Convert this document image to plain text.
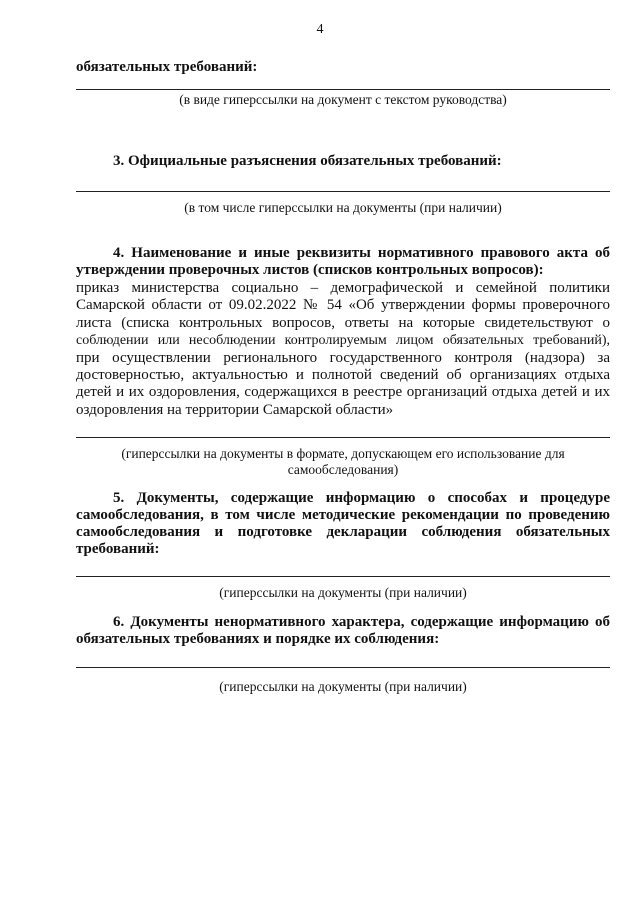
4
обязательных требований:
(в виде гиперссылки на документ с текстом руководства)
3. Официальные разъяснения обязательных требований:
(в том числе гиперссылки на документы (при наличии)
4. Наименование и иные реквизиты нормативного правового акта об
утверждении проверочных листов (списков контрольных вопросов):
приказ министерства социально – демографической и семейной политики
Самарской области от 09.02.2022 № 54 «Об утверждении формы проверочного
листа (списка контрольных вопросов, ответы на которые свидетельствуют о
соблюдении или несоблюдении контролируемым лицом обязательных требований),
при осуществлении регионального государственного контроля (надзора) за
достоверностью, актуальностью и полнотой сведений об организациях отдыха
детей и их оздоровления, содержащихся в реестре организаций отдыха детей и их
оздоровления на территории Самарской области»
(гиперссылки на документы в формате, допускающем его использование для
самообследования)
5. Документы, содержащие информацию о способах и процедуре
самообследования, в том числе методические рекомендации по проведению
самообследования и подготовке декларации соблюдения обязательных
требований:
(гиперссылки на документы (при наличии)
6. Документы ненормативного характера, содержащие информацию об
обязательных требованиях и порядке их соблюдения:
(гиперссылки на документы (при наличии)
